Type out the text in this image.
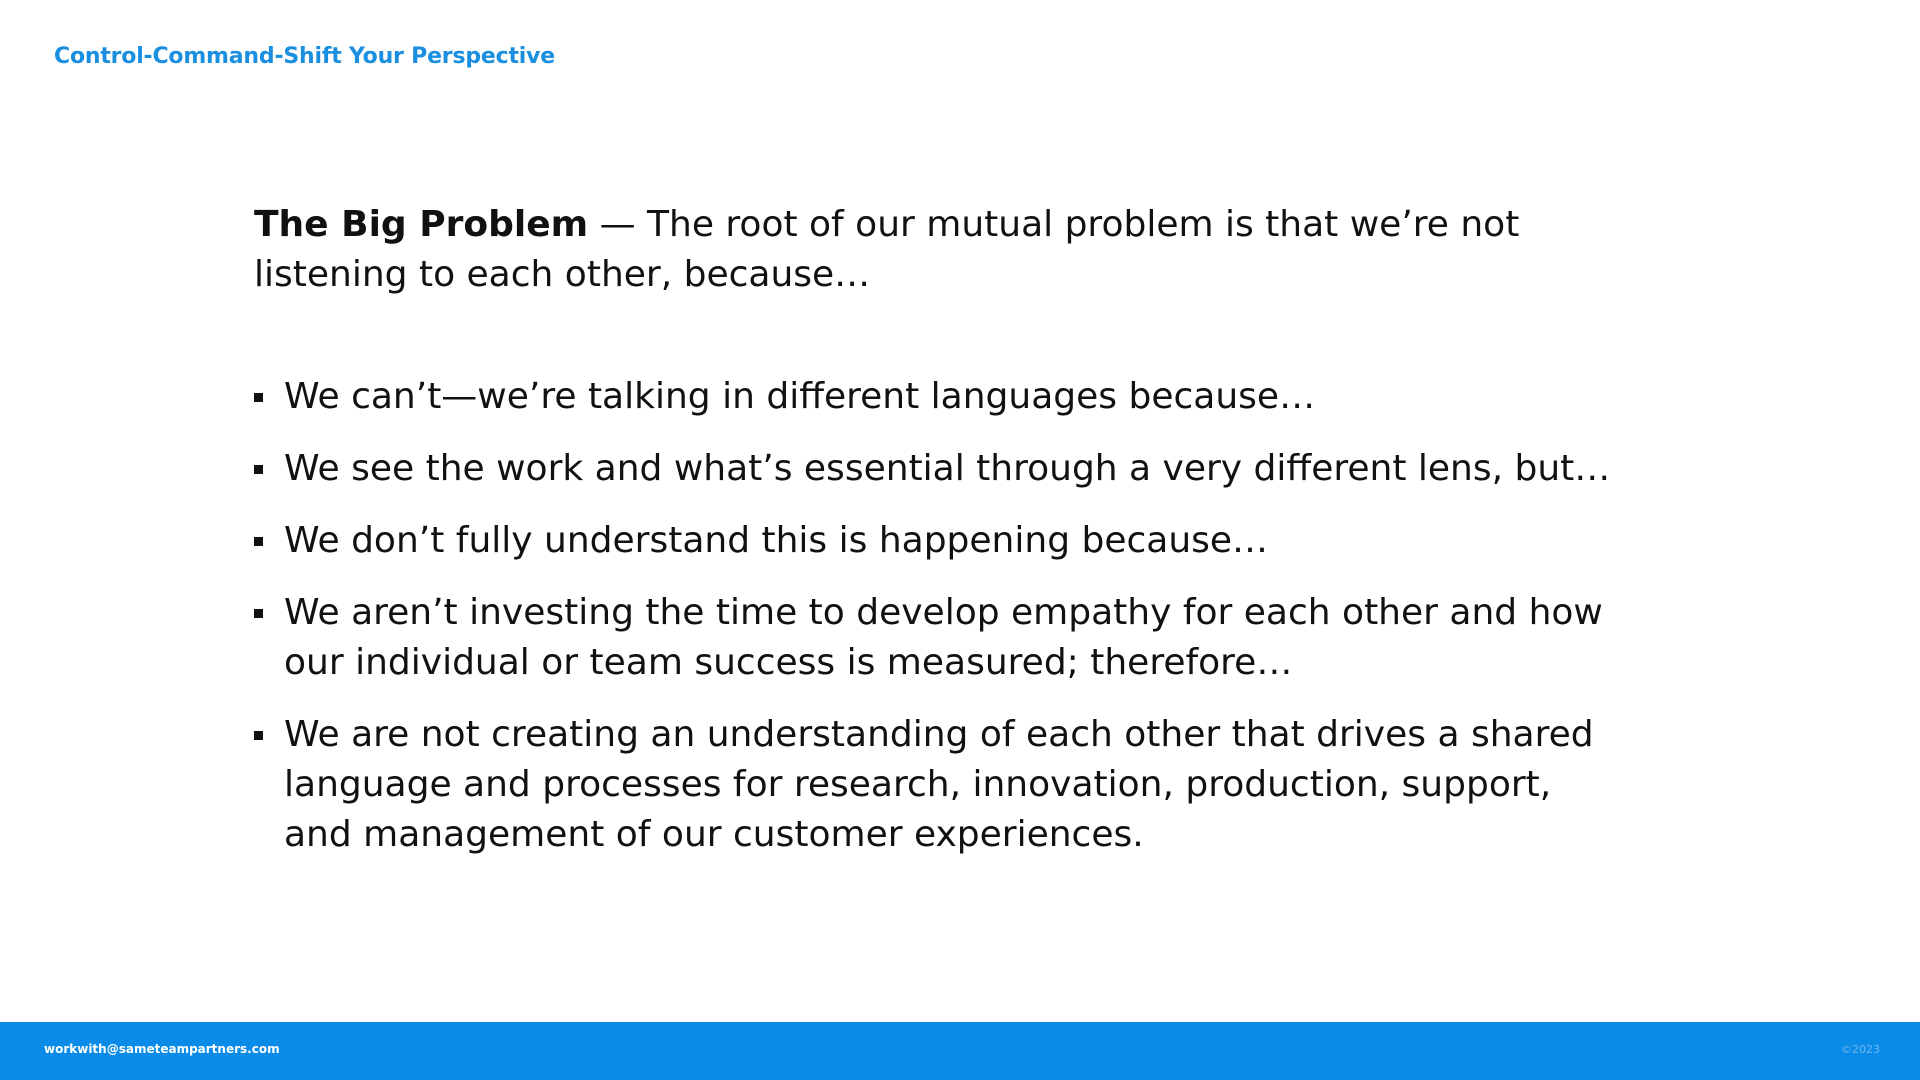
Control-Command-Shift Your Perspective

The Big Problem — The root of our mutual problem is that we’re not listening to each other, because…

We can’t—we’re talking in different languages because…
We see the work and what’s essential through a very different lens, but…
We don’t fully understand this is happening because…
We aren’t investing the time to develop empathy for each other and how our individual or team success is measured; therefore…
We are not creating an understanding of each other that drives a shared language and processes for research, innovation, production, support, and management of our customer experiences.
workwith@sameteampartners.com	©2023
